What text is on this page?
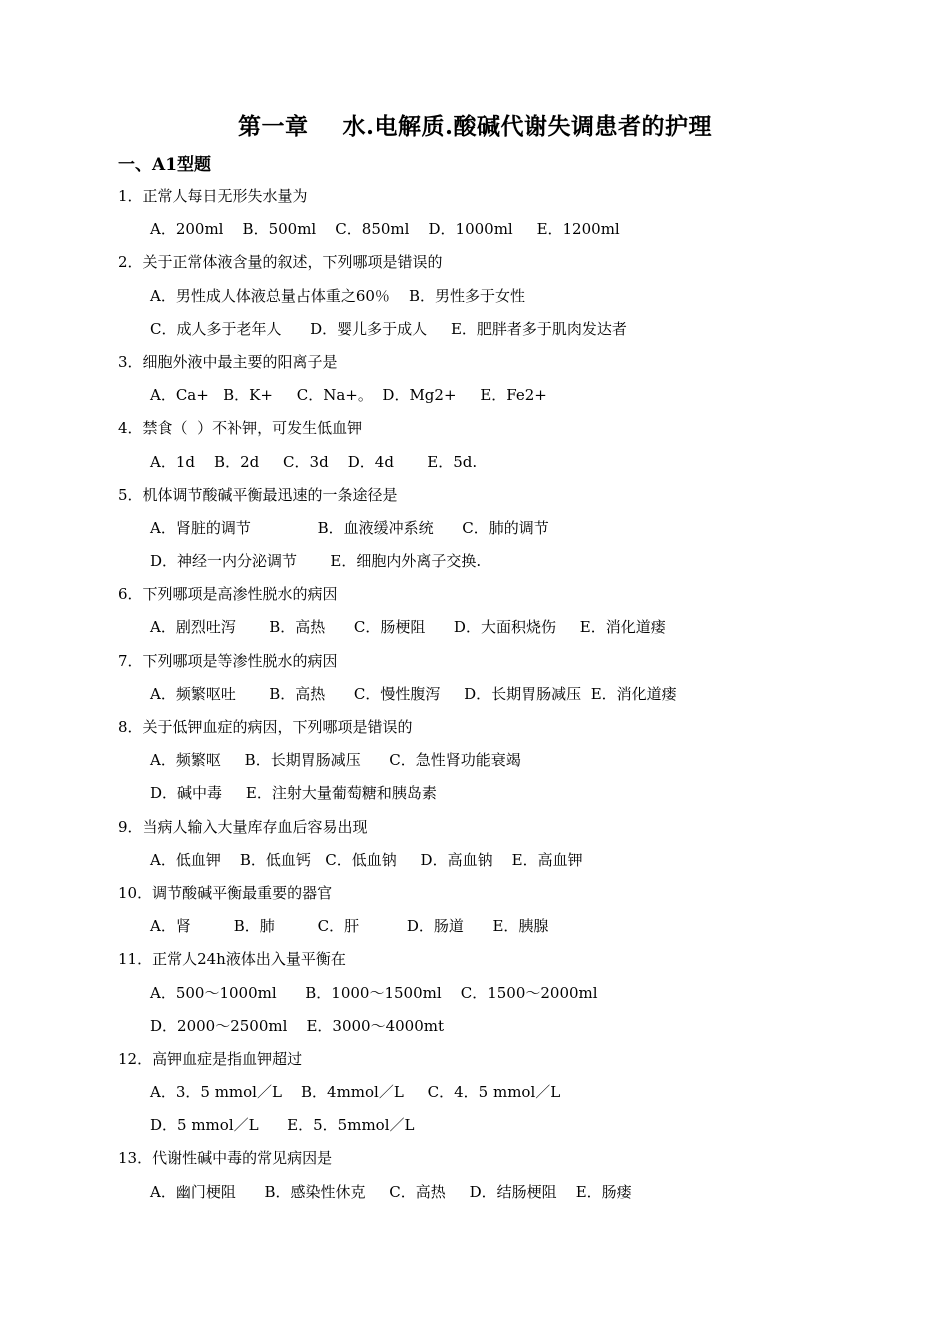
第一章    水.电解质.酸碱代谢失调患者的护理
一、A1型题
1．正常人每日无形失水量为
A．200ml    B．500ml    C．850ml    D．1000ml     E．1200ml
2．关于正常体液含量的叙述，下列哪项是错误的
A．男性成人体液总量占体重之60％    B．男性多于女性
C．成人多于老年人      D．婴儿多于成人     E．肥胖者多于肌肉发达者
3．细胞外液中最主要的阳离子是
A．Ca+   B．K+     C．Na+。  D．Mg2+     E．Fe2+
4．禁食（  ）不补钾，可发生低血钾
A．1d    B．2d     C．3d    D．4d       E．5d.
5．机体调节酸碱平衡最迅速的一条途径是
A．肾脏的调节              B．血液缓冲系统      C．肺的调节
D．神经一内分泌调节       E．细胞内外离子交换.
6．下列哪项是高渗性脱水的病因
A．剧烈吐泻       B．高热      C．肠梗阻      D．大面积烧伤     E．消化道瘘
7．下列哪项是等渗性脱水的病因
A．频繁呕吐       B．高热      C．慢性腹泻     D．长期胃肠减压  E．消化道瘘
8．关于低钾血症的病因，下列哪项是错误的
A．频繁呕     B．长期胃肠减压      C．急性肾功能衰竭
D．碱中毒     E．注射大量葡萄糖和胰岛素
9．当病人输入大量库存血后容易出现
A．低血钾    B．低血钙   C．低血钠     D．高血钠    E．高血钾
10．调节酸碱平衡最重要的器官
A．肾         B．肺         C．肝          D．肠道      E．胰腺
11．正常人24h液体出入量平衡在
A．500～1000ml      B．1000～1500ml    C．1500～2000ml
D．2000～2500ml    E．3000～4000mt
12．高钾血症是指血钾超过
A．3．5 mmol／L    B．4mmol／L     C．4．5 mmol／L
D．5 mmol／L      E．5．5mmol／L
13．代谢性碱中毒的常见病因是
A．幽门梗阻      B．感染性休克     C．高热     D．结肠梗阻    E．肠瘘
